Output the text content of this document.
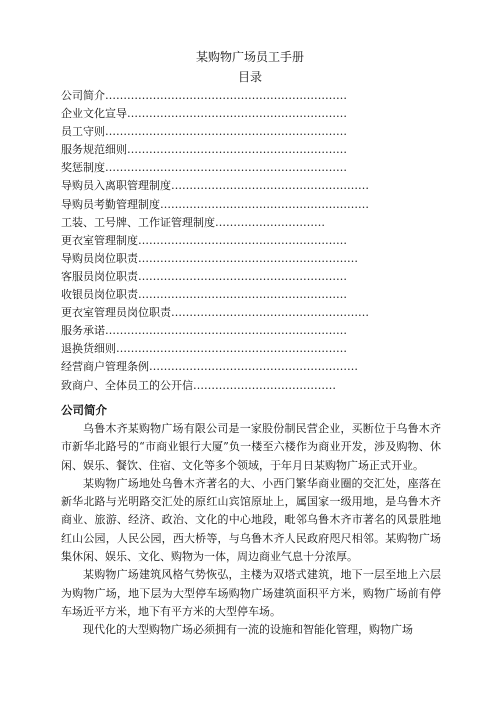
某购物广场员工手册
目录
公司简介…………………………………………………………
企业文化宣导……………………………………………………
员工守则…………………………………………………………
服务规范细则……………………………………………………
奖惩制度…………………………………………………………
导购员入离职管理制度………………………………………………
导购员考勤管理制度…………………………………………………
工装、工号牌、工作证管理制度…………………………
更衣室管理制度…………………………………………………
导购员岗位职责……………………………………………………
客服员岗位职责…………………………………………………
收银员岗位职责…………………………………………………
更衣室管理员岗位职责………………………………………………
服务承诺…………………………………………………………
退换货细则………………………………………………………
经营商户管理条例…………………………………………………
致商户、全体员工的公开信…………………………………
公司简介

乌鲁木齐某购物广场有限公司是一家股份制民营企业，买断位于乌鲁木齐市新华北路号的“市商业银行大厦”负一楼至六楼作为商业开发，涉及购物、休闲、娱乐、餐饮、住宿、文化等多个领域，于年月日某购物广场正式开业。

某购物广场地处乌鲁木齐著名的大、小西门繁华商业圈的交汇处，座落在新华北路与光明路交汇处的原红山宾馆原址上，属国家一级用地，是乌鲁木齐商业、旅游、经济、政治、文化的中心地段，毗邻乌鲁木齐市著名的风景胜地红山公园，人民公园，西大桥等，与乌鲁木齐人民政府咫尺相邻。某购物广场集休闲、娱乐、文化、购物为一体，周边商业气息十分浓厚。

某购物广场建筑风格气势恢弘，主楼为双塔式建筑，地下一层至地上六层为购物广场，地下层为大型停车场购物广场建筑面积平方米，购物广场前有停车场近平方米，地下有平方米的大型停车场。

现代化的大型购物广场必须拥有一流的设施和智能化管理，购物广场
